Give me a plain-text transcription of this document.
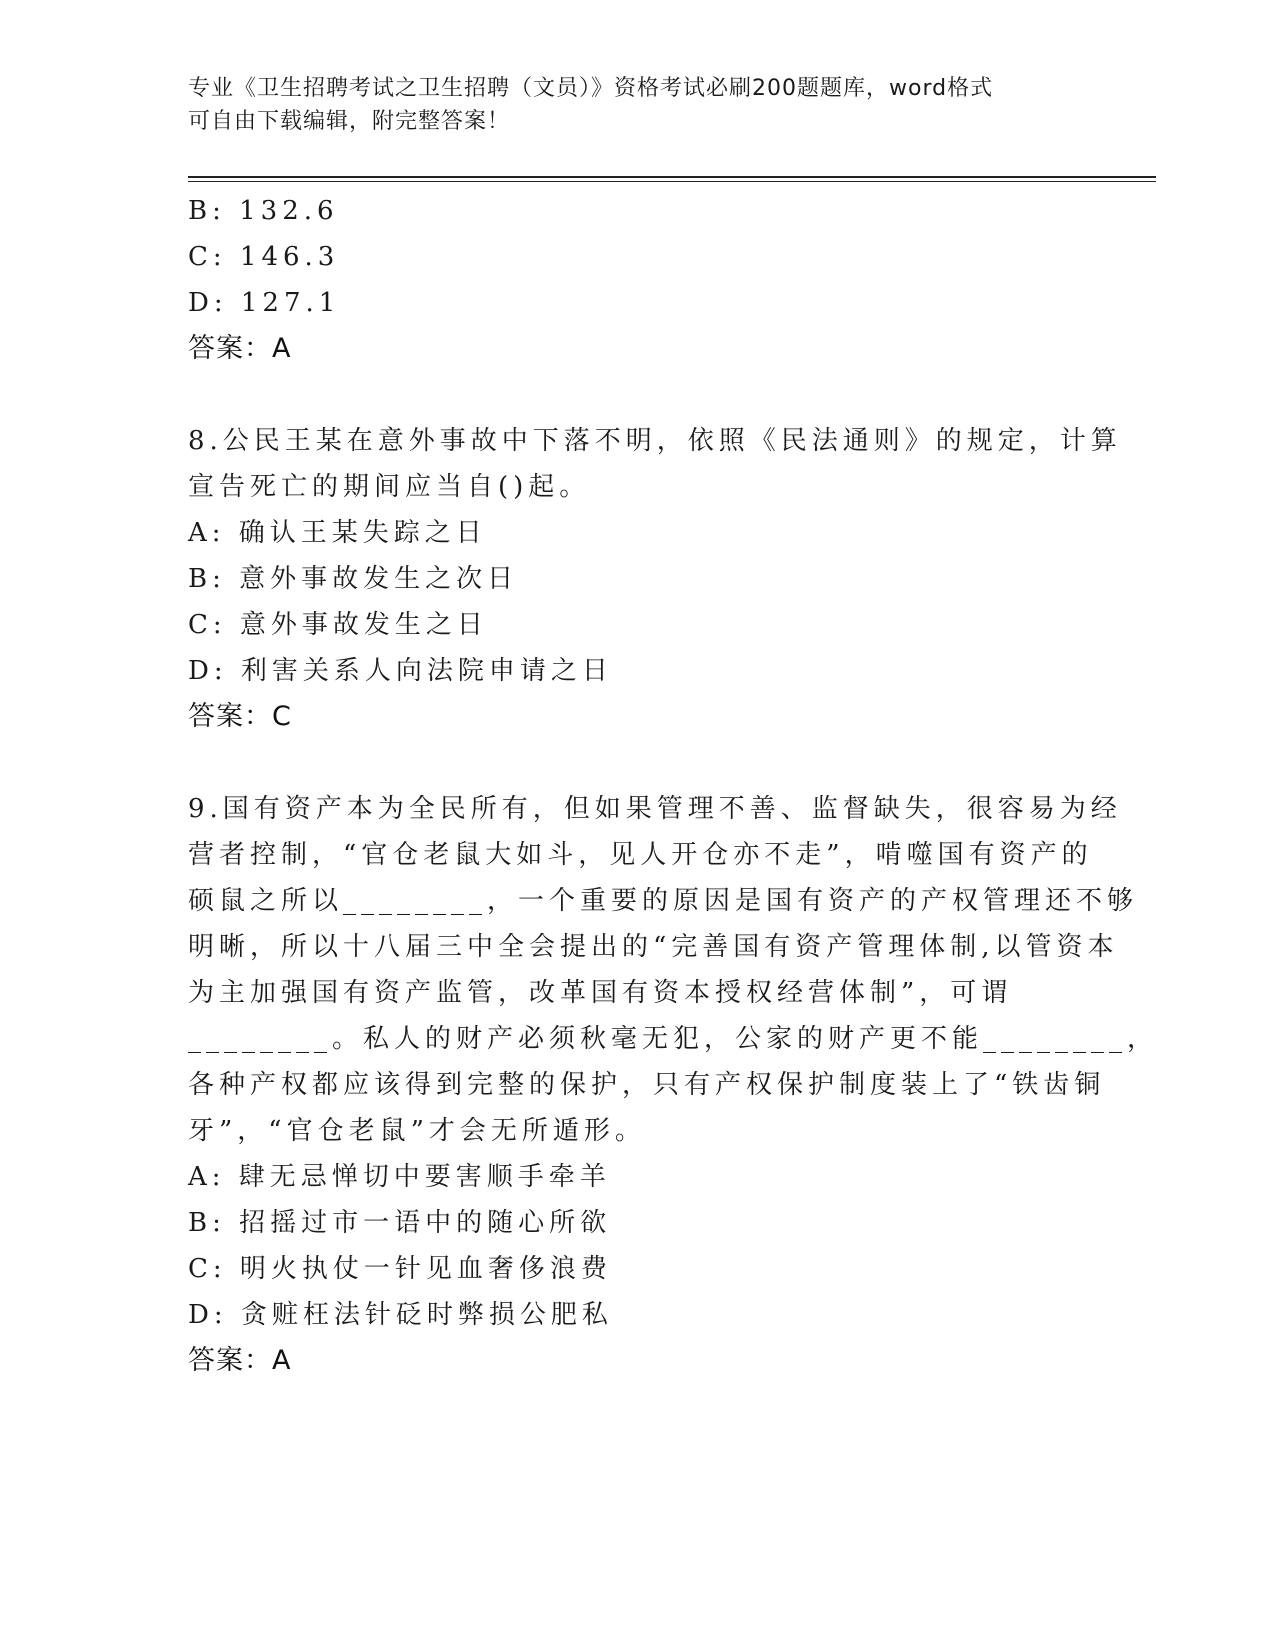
专业《卫生招聘考试之卫生招聘（文员）》资格考试必刷200题题库，word格式
可自由下载编辑，附完整答案！
B: 132.6
C: 146.3
D: 127.1
答案：A
8.公民王某在意外事故中下落不明，依照《民法通则》的规定，计算
宣告死亡的期间应当自()起。
A: 确认王某失踪之日
B: 意外事故发生之次日
C: 意外事故发生之日
D: 利害关系人向法院申请之日
答案：C
9.国有资产本为全民所有，但如果管理不善、监督缺失，很容易为经
营者控制，“官仓老鼠大如斗，见人开仓亦不走”，啃噬国有资产的
硕鼠之所以________，一个重要的原因是国有资产的产权管理还不够
明晰，所以十八届三中全会提出的“完善国有资产管理体制,以管资本
为主加强国有资产监管，改革国有资本授权经营体制”，可谓
________。私人的财产必须秋毫无犯，公家的财产更不能________，
各种产权都应该得到完整的保护，只有产权保护制度装上了“铁齿铜
牙”，“官仓老鼠”才会无所遁形。
A: 肆无忌惮切中要害顺手牵羊
B: 招摇过市一语中的随心所欲
C: 明火执仗一针见血奢侈浪费
D: 贪赃枉法针砭时弊损公肥私
答案：A
